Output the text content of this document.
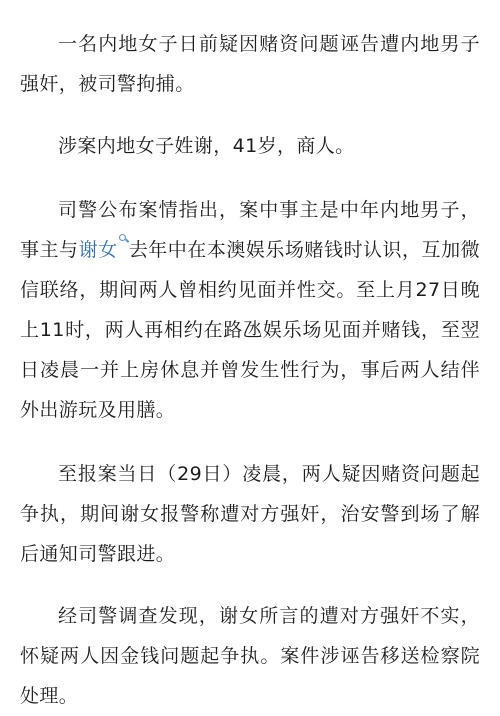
一名内地女子日前疑因赌资问题诬告遭内地男子强奸，被司警拘捕。

涉案内地女子姓谢，41岁，商人。

司警公布案情指出，案中事主是中年内地男子，事主与谢女 去年中在本澳娱乐场赌钱时认识，互加微信联络，期间两人曾相约见面并性交。至上月27日晚上11时，两人再相约在路氹娱乐场见面并赌钱，至翌日凌晨一并上房休息并曾发生性行为，事后两人结伴外出游玩及用膳。

至报案当日（29日）凌晨，两人疑因赌资问题起争执，期间谢女报警称遭对方强奸，治安警到场了解后通知司警跟进。

经司警调查发现，谢女所言的遭对方强奸不实，怀疑两人因金钱问题起争执。案件涉诬告移送检察院处理。
